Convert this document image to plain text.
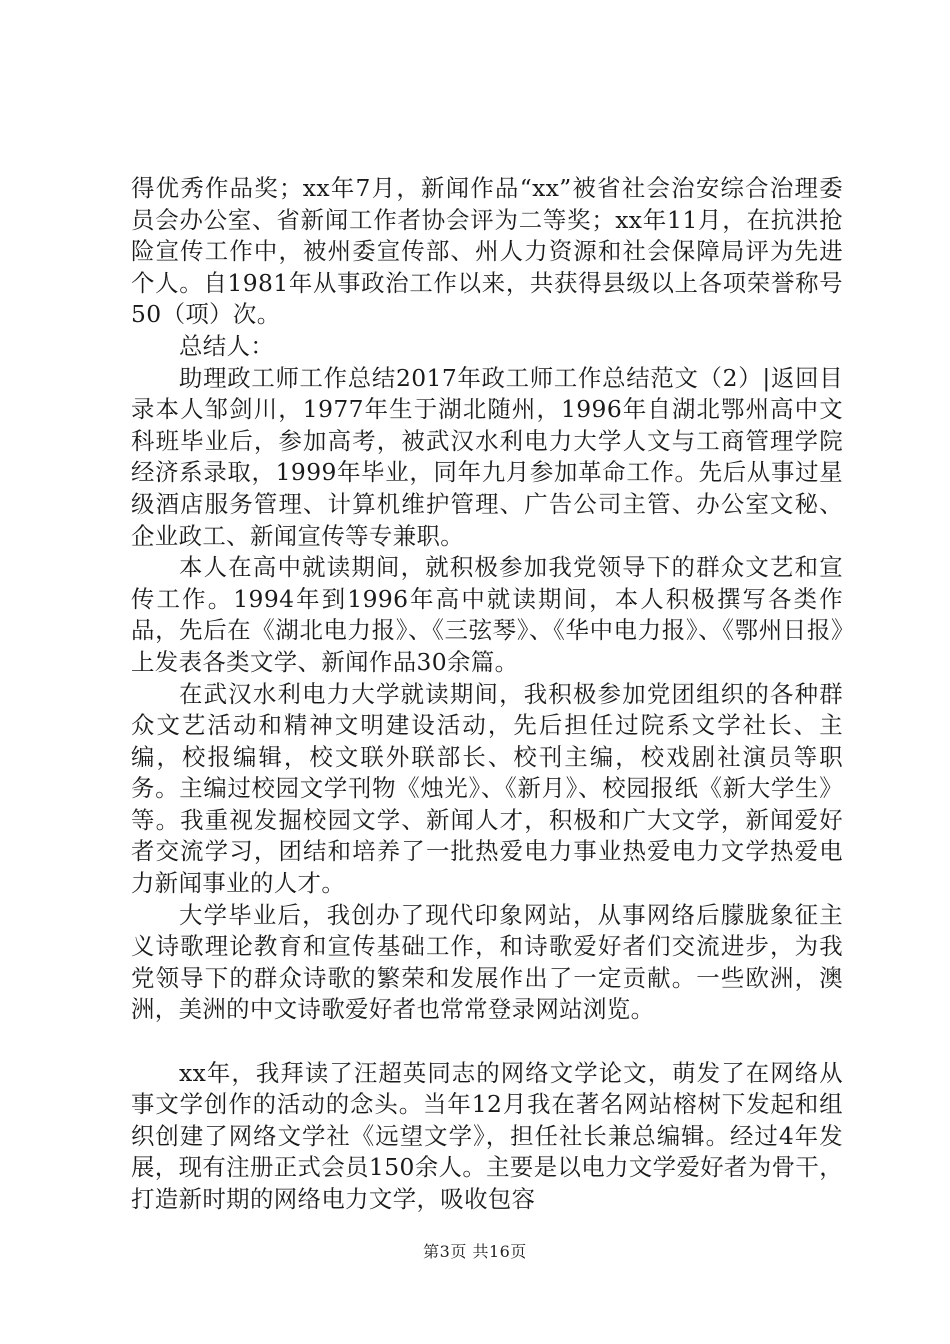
得优秀作品奖；xx年7月，新闻作品“xx”被省社会治安综合治理委员会办公室、省新闻工作者协会评为二等奖；xx年11月，在抗洪抢险宣传工作中，被州委宣传部、州人力资源和社会保障局评为先进个人。自1981年从事政治工作以来，共获得县级以上各项荣誉称号50（项）次。

总结人：

助理政工师工作总结2017年政工师工作总结范文（2）|返回目录本人邹剑川，1977年生于湖北随州，1996年自湖北鄂州高中文科班毕业后，参加高考，被武汉水利电力大学人文与工商管理学院经济系录取，1999年毕业，同年九月参加革命工作。先后从事过星级酒店服务管理、计算机维护管理、广告公司主管、办公室文秘、企业政工、新闻宣传等专兼职。

本人在高中就读期间，就积极参加我党领导下的群众文艺和宣传工作。1994年到1996年高中就读期间，本人积极撰写各类作品，先后在《湖北电力报》、《三弦琴》、《华中电力报》、《鄂州日报》上发表各类文学、新闻作品30余篇。

在武汉水利电力大学就读期间，我积极参加党团组织的各种群众文艺活动和精神文明建设活动，先后担任过院系文学社长、主编，校报编辑，校文联外联部长、校刊主编，校戏剧社演员等职务。主编过校园文学刊物《烛光》、《新月》、校园报纸《新大学生》等。我重视发掘校园文学、新闻人才，积极和广大文学，新闻爱好者交流学习，团结和培养了一批热爱电力事业热爱电力文学热爱电力新闻事业的人才。

大学毕业后，我创办了现代印象网站，从事网络后朦胧象征主义诗歌理论教育和宣传基础工作，和诗歌爱好者们交流进步，为我党领导下的群众诗歌的繁荣和发展作出了一定贡献。一些欧洲，澳洲，美洲的中文诗歌爱好者也常常登录网站浏览。

xx年，我拜读了汪超英同志的网络文学论文，萌发了在网络从事文学创作的活动的念头。当年12月我在著名网站榕树下发起和组织创建了网络文学社《远望文学》，担任社长兼总编辑。经过4年发展，现有注册正式会员150余人。主要是以电力文学爱好者为骨干，打造新时期的网络电力文学，吸收包容

第3页 共16页
